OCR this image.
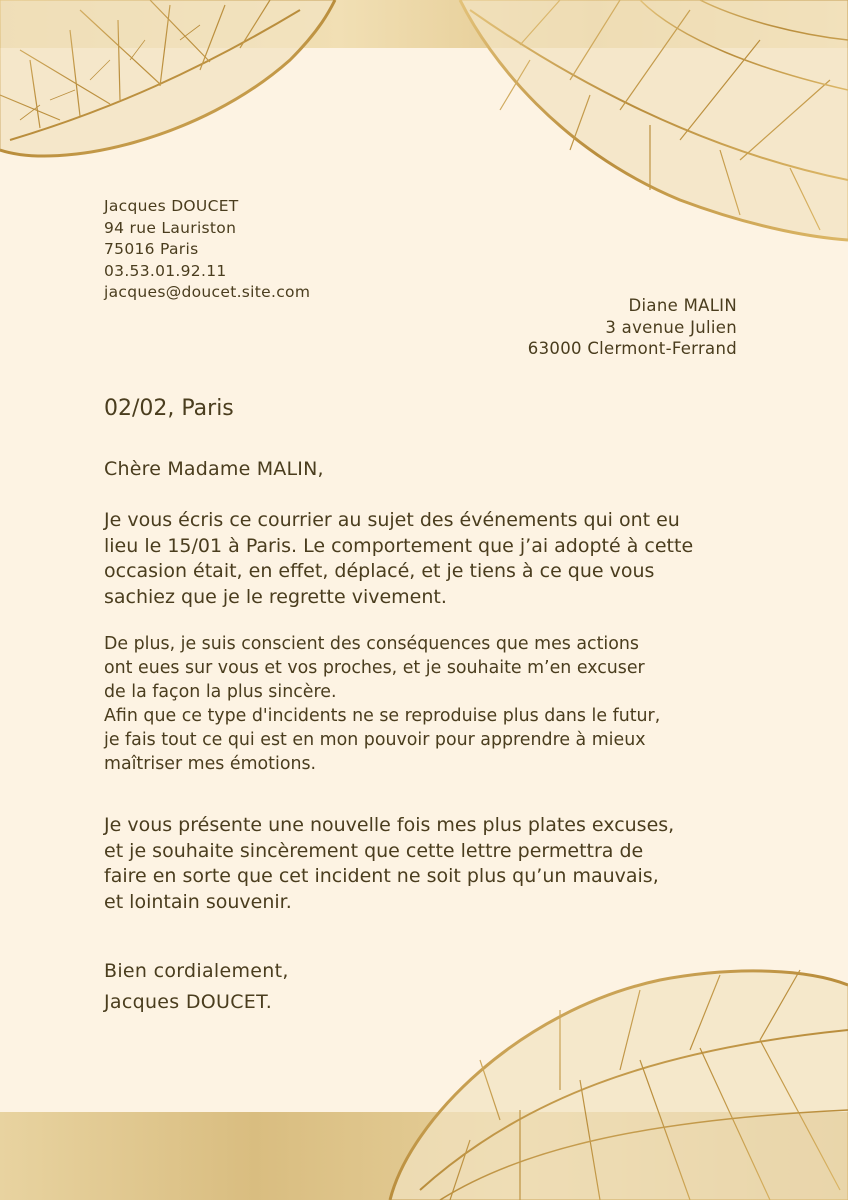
Jacques DOUCET
94 rue Lauriston
75016 Paris
03.53.01.92.11
jacques@doucet.site.com
Diane MALIN
3 avenue Julien
63000 Clermont-Ferrand
02/02, Paris
Chère Madame MALIN,
Je vous écris ce courrier au sujet des événements qui ont eu
lieu le 15/01 à Paris. Le comportement que j’ai adopté à cette
occasion était, en effet, déplacé, et je tiens à ce que vous
sachiez que je le regrette vivement.
De plus, je suis conscient des conséquences que mes actions
ont eues sur vous et vos proches, et je souhaite m’en excuser
de la façon la plus sincère.
Afin que ce type d'incidents ne se reproduise plus dans le futur,
je fais tout ce qui est en mon pouvoir pour apprendre à mieux
maîtriser mes émotions.
Je vous présente une nouvelle fois mes plus plates excuses,
et je souhaite sincèrement que cette lettre permettra de
faire en sorte que cet incident ne soit plus qu’un mauvais,
et lointain souvenir.
Bien cordialement,
Jacques DOUCET.
